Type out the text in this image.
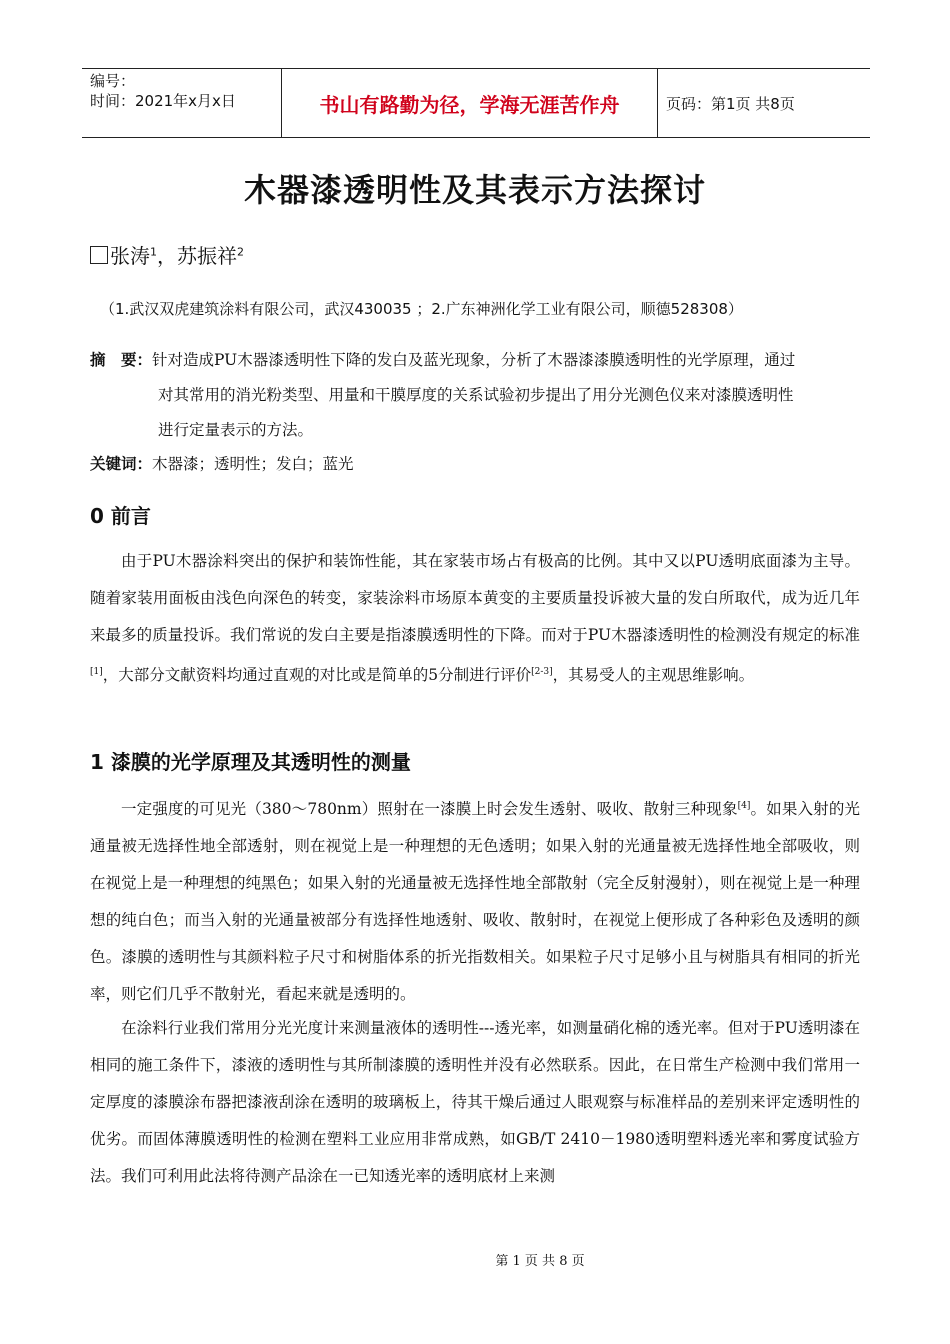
编号：
时间：2021年x月x日	书山有路勤为径，学海无涯苦作舟	页码：第1页 共8页
木器漆透明性及其表示方法探讨
张涛$^1$，苏振祥$^2$
（1.武汉双虎建筑涂料有限公司，武汉430035 ；2.广东神洲化学工业有限公司，顺德528308）
摘　要：针对造成PU木器漆透明性下降的发白及蓝光现象，分析了木器漆漆膜透明性的光学原理，通过
对其常用的消光粉类型、用量和干膜厚度的关系试验初步提出了用分光测色仪来对漆膜透明性
进行定量表示的方法。
关键词：木器漆；透明性；发白；蓝光
0 前言
由于PU木器涂料突出的保护和装饰性能，其在家装市场占有极高的比例。其中又以PU透明底面漆为主导。随着家装用面板由浅色向深色的转变，家装涂料市场原本黄变的主要质量投诉被大量的发白所取代，成为近几年来最多的质量投诉。我们常说的发白主要是指漆膜透明性的下降。而对于PU木器漆透明性的检测没有规定的标准[1]，大部分文献资料均通过直观的对比或是简单的5分制进行评价[2-3]，其易受人的主观思维影响。
1 漆膜的光学原理及其透明性的测量
一定强度的可见光（380～780nm）照射在一漆膜上时会发生透射、吸收、散射三种现象[4]。如果入射的光通量被无选择性地全部透射，则在视觉上是一种理想的无色透明；如果入射的光通量被无选择性地全部吸收，则在视觉上是一种理想的纯黑色；如果入射的光通量被无选择性地全部散射（完全反射漫射），则在视觉上是一种理想的纯白色；而当入射的光通量被部分有选择性地透射、吸收、散射时，在视觉上便形成了各种彩色及透明的颜色。漆膜的透明性与其颜料粒子尺寸和树脂体系的折光指数相关。如果粒子尺寸足够小且与树脂具有相同的折光率，则它们几乎不散射光，看起来就是透明的。
在涂料行业我们常用分光光度计来测量液体的透明性---透光率，如测量硝化棉的透光率。但对于PU透明漆在相同的施工条件下，漆液的透明性与其所制漆膜的透明性并没有必然联系。因此，在日常生产检测中我们常用一定厚度的漆膜涂布器把漆液刮涂在透明的玻璃板上，待其干燥后通过人眼观察与标准样品的差别来评定透明性的优劣。而固体薄膜透明性的检测在塑料工业应用非常成熟，如GB/T 2410－1980透明塑料透光率和雾度试验方法。我们可利用此法将待测产品涂在一已知透光率的透明底材上来测
第 1 页 共 8 页
